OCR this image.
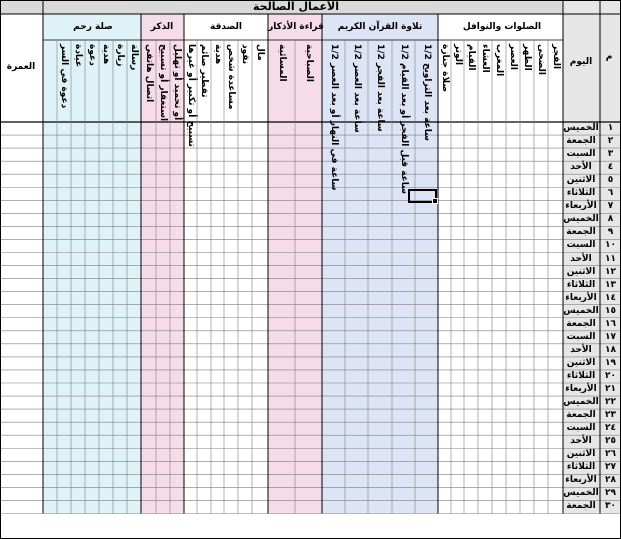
الأعمال الصالحة
م
اليوم
العمرة
الصلوات والنوافل
تلاوة القرآن الكريم
قراءة الأذكار
الصدقة
الذكر
صلة رحم
الفجر
الضحى
الظهر
العصر
المغرب
العشاء
القيام
الوتر
صلاة جنازة
1/2 ساعة بعد التراويح
1/2 ساعة قبل الفجر أو بعد القيام
1/2 ساعة بعد الفجر
1/2 ساعة بعد العصر
1/2 ساعة في النهار أو بعد العصر
الصباحية
المسائية
مال
نقود
مساعدة شخص
هدية
تفطير صائم
تسبيح أو تكبير أو غيرها
أو تحميد أو تهليل
استغفار أو تسبيح
اتصال هاتفي
رسالة
زيارة
هدية
دعوة
عيادة
دعوة في السر
١
الخميس
٢
الجمعة
٣
السبت
٤
الأحد
٥
الاثنين
٦
الثلاثاء
٧
الأربعاء
٨
الخميس
٩
الجمعة
١٠
السبت
١١
الأحد
١٢
الاثنين
١٣
الثلاثاء
١٤
الأربعاء
١٥
الخميس
١٦
الجمعة
١٧
السبت
١٨
الأحد
١٩
الاثنين
٢٠
الثلاثاء
٢١
الأربعاء
٢٢
الخميس
٢٣
الجمعة
٢٤
السبت
٢٥
الأحد
٢٦
الاثنين
٢٧
الثلاثاء
٢٨
الأربعاء
٢٩
الخميس
٣٠
الجمعة
